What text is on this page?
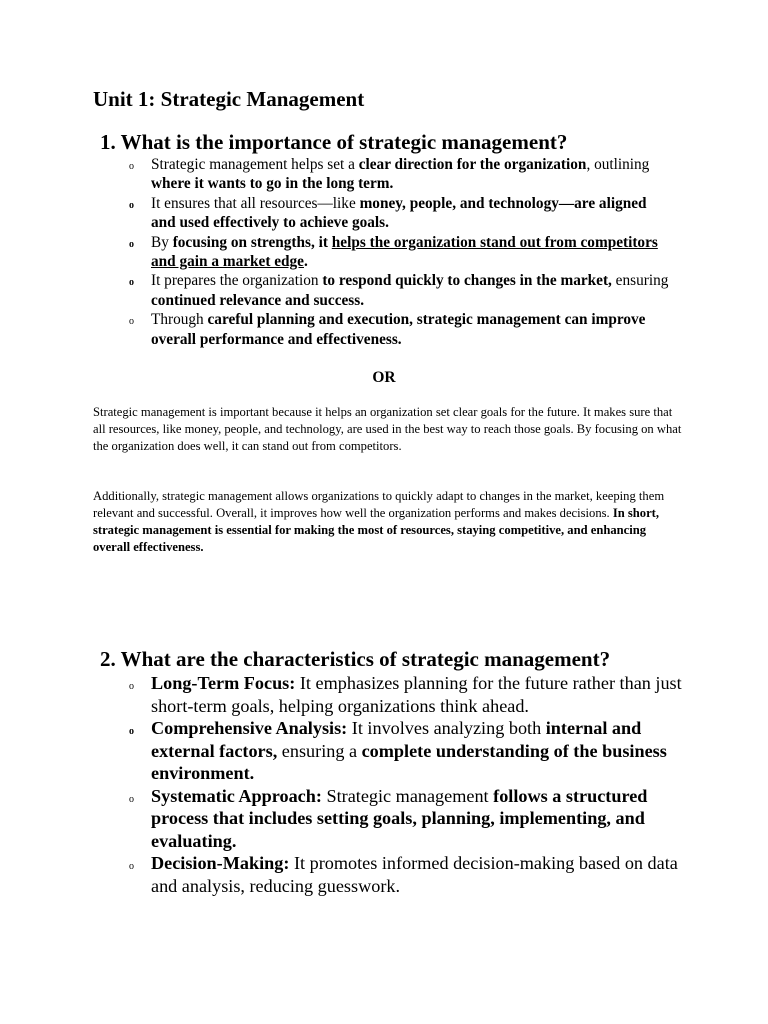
Unit 1: Strategic Management
1. What is the importance of strategic management?
o Strategic management helps set a clear direction for the organization, outlining where it wants to go in the long term.
o It ensures that all resources—like money, people, and technology—are aligned and used effectively to achieve goals.
o By focusing on strengths, it helps the organization stand out from competitors and gain a market edge.
o It prepares the organization to respond quickly to changes in the market, ensuring continued relevance and success.
o Through careful planning and execution, strategic management can improve overall performance and effectiveness.

OR

Strategic management is important because it helps an organization set clear goals for the future. It makes sure that all resources, like money, people, and technology, are used in the best way to reach those goals. By focusing on what the organization does well, it can stand out from competitors.

Additionally, strategic management allows organizations to quickly adapt to changes in the market, keeping them relevant and successful. Overall, it improves how well the organization performs and makes decisions. In short, strategic management is essential for making the most of resources, staying competitive, and enhancing overall effectiveness.

2. What are the characteristics of strategic management?
o Long-Term Focus: It emphasizes planning for the future rather than just short-term goals, helping organizations think ahead.
o Comprehensive Analysis: It involves analyzing both internal and external factors, ensuring a complete understanding of the business environment.
o Systematic Approach: Strategic management follows a structured process that includes setting goals, planning, implementing, and evaluating.
o Decision-Making: It promotes informed decision-making based on data and analysis, reducing guesswork.
